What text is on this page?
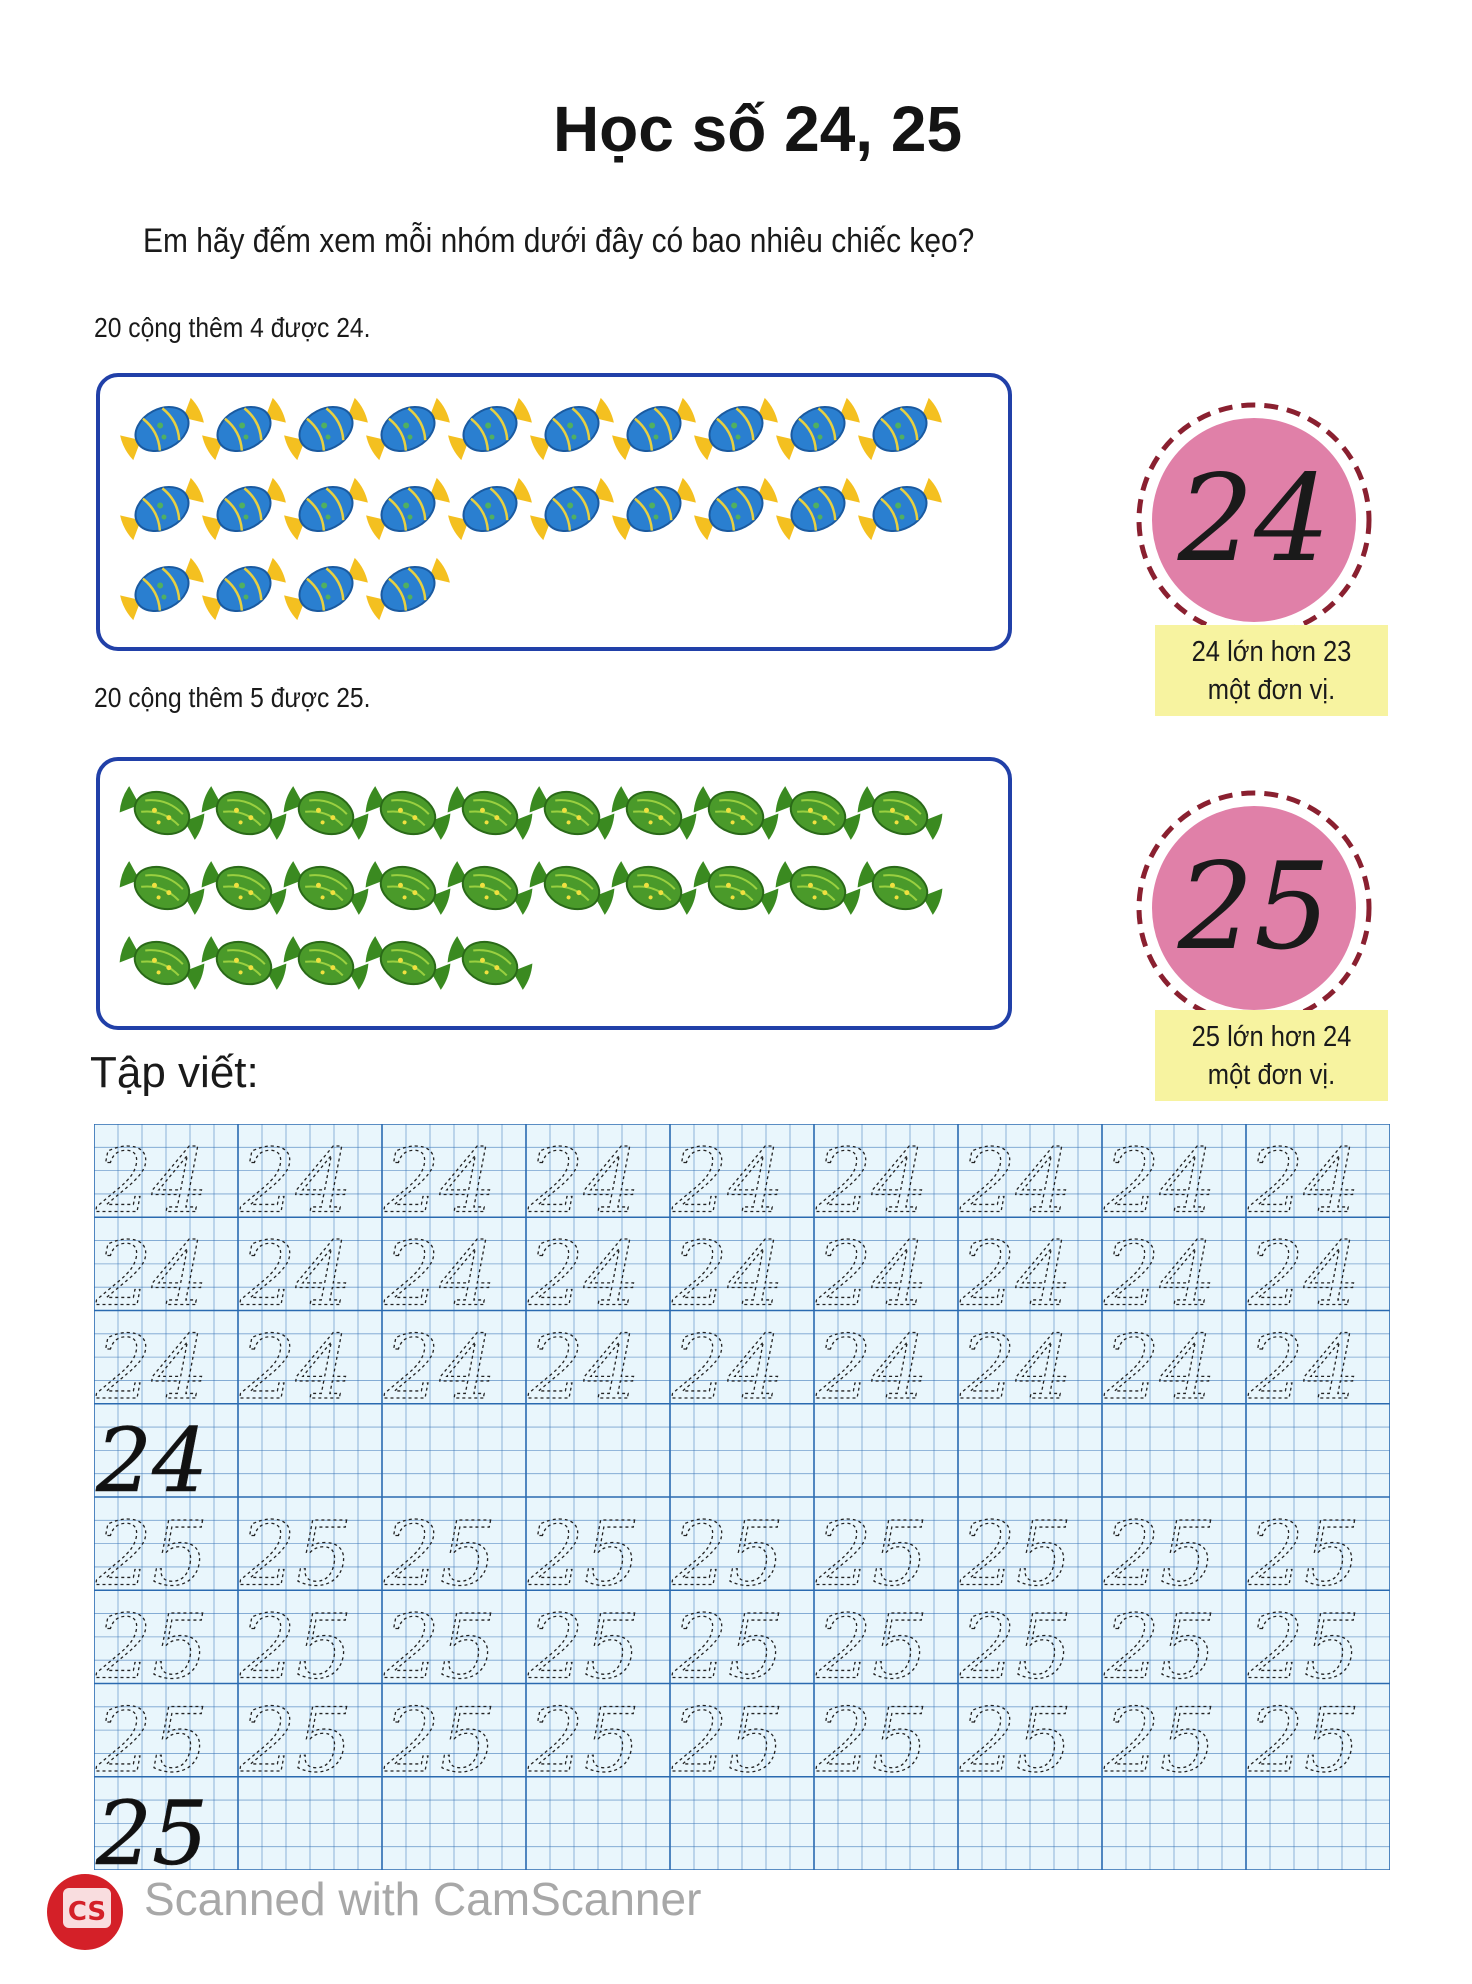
Học số 24, 25
Em hãy đếm xem mỗi nhóm dưới đây có bao nhiêu chiếc kẹo?
20 cộng thêm 4 được 24.
24
24 lớn hơn 23
một đơn vị.
20 cộng thêm 5 được 25.
25
25 lớn hơn 24
một đơn vị.
Tập viết:
24 24 24 24 24 24 24 24 24
24 24 24 24 24 24 24 24 24
24 24 24 24 24 24 24 24 24
24
25 25 25 25 25 25 25 25 25
25 25 25 25 25 25 25 25 25
25 25 25 25 25 25 25 25 25
25
CS Scanned with CamScanner
